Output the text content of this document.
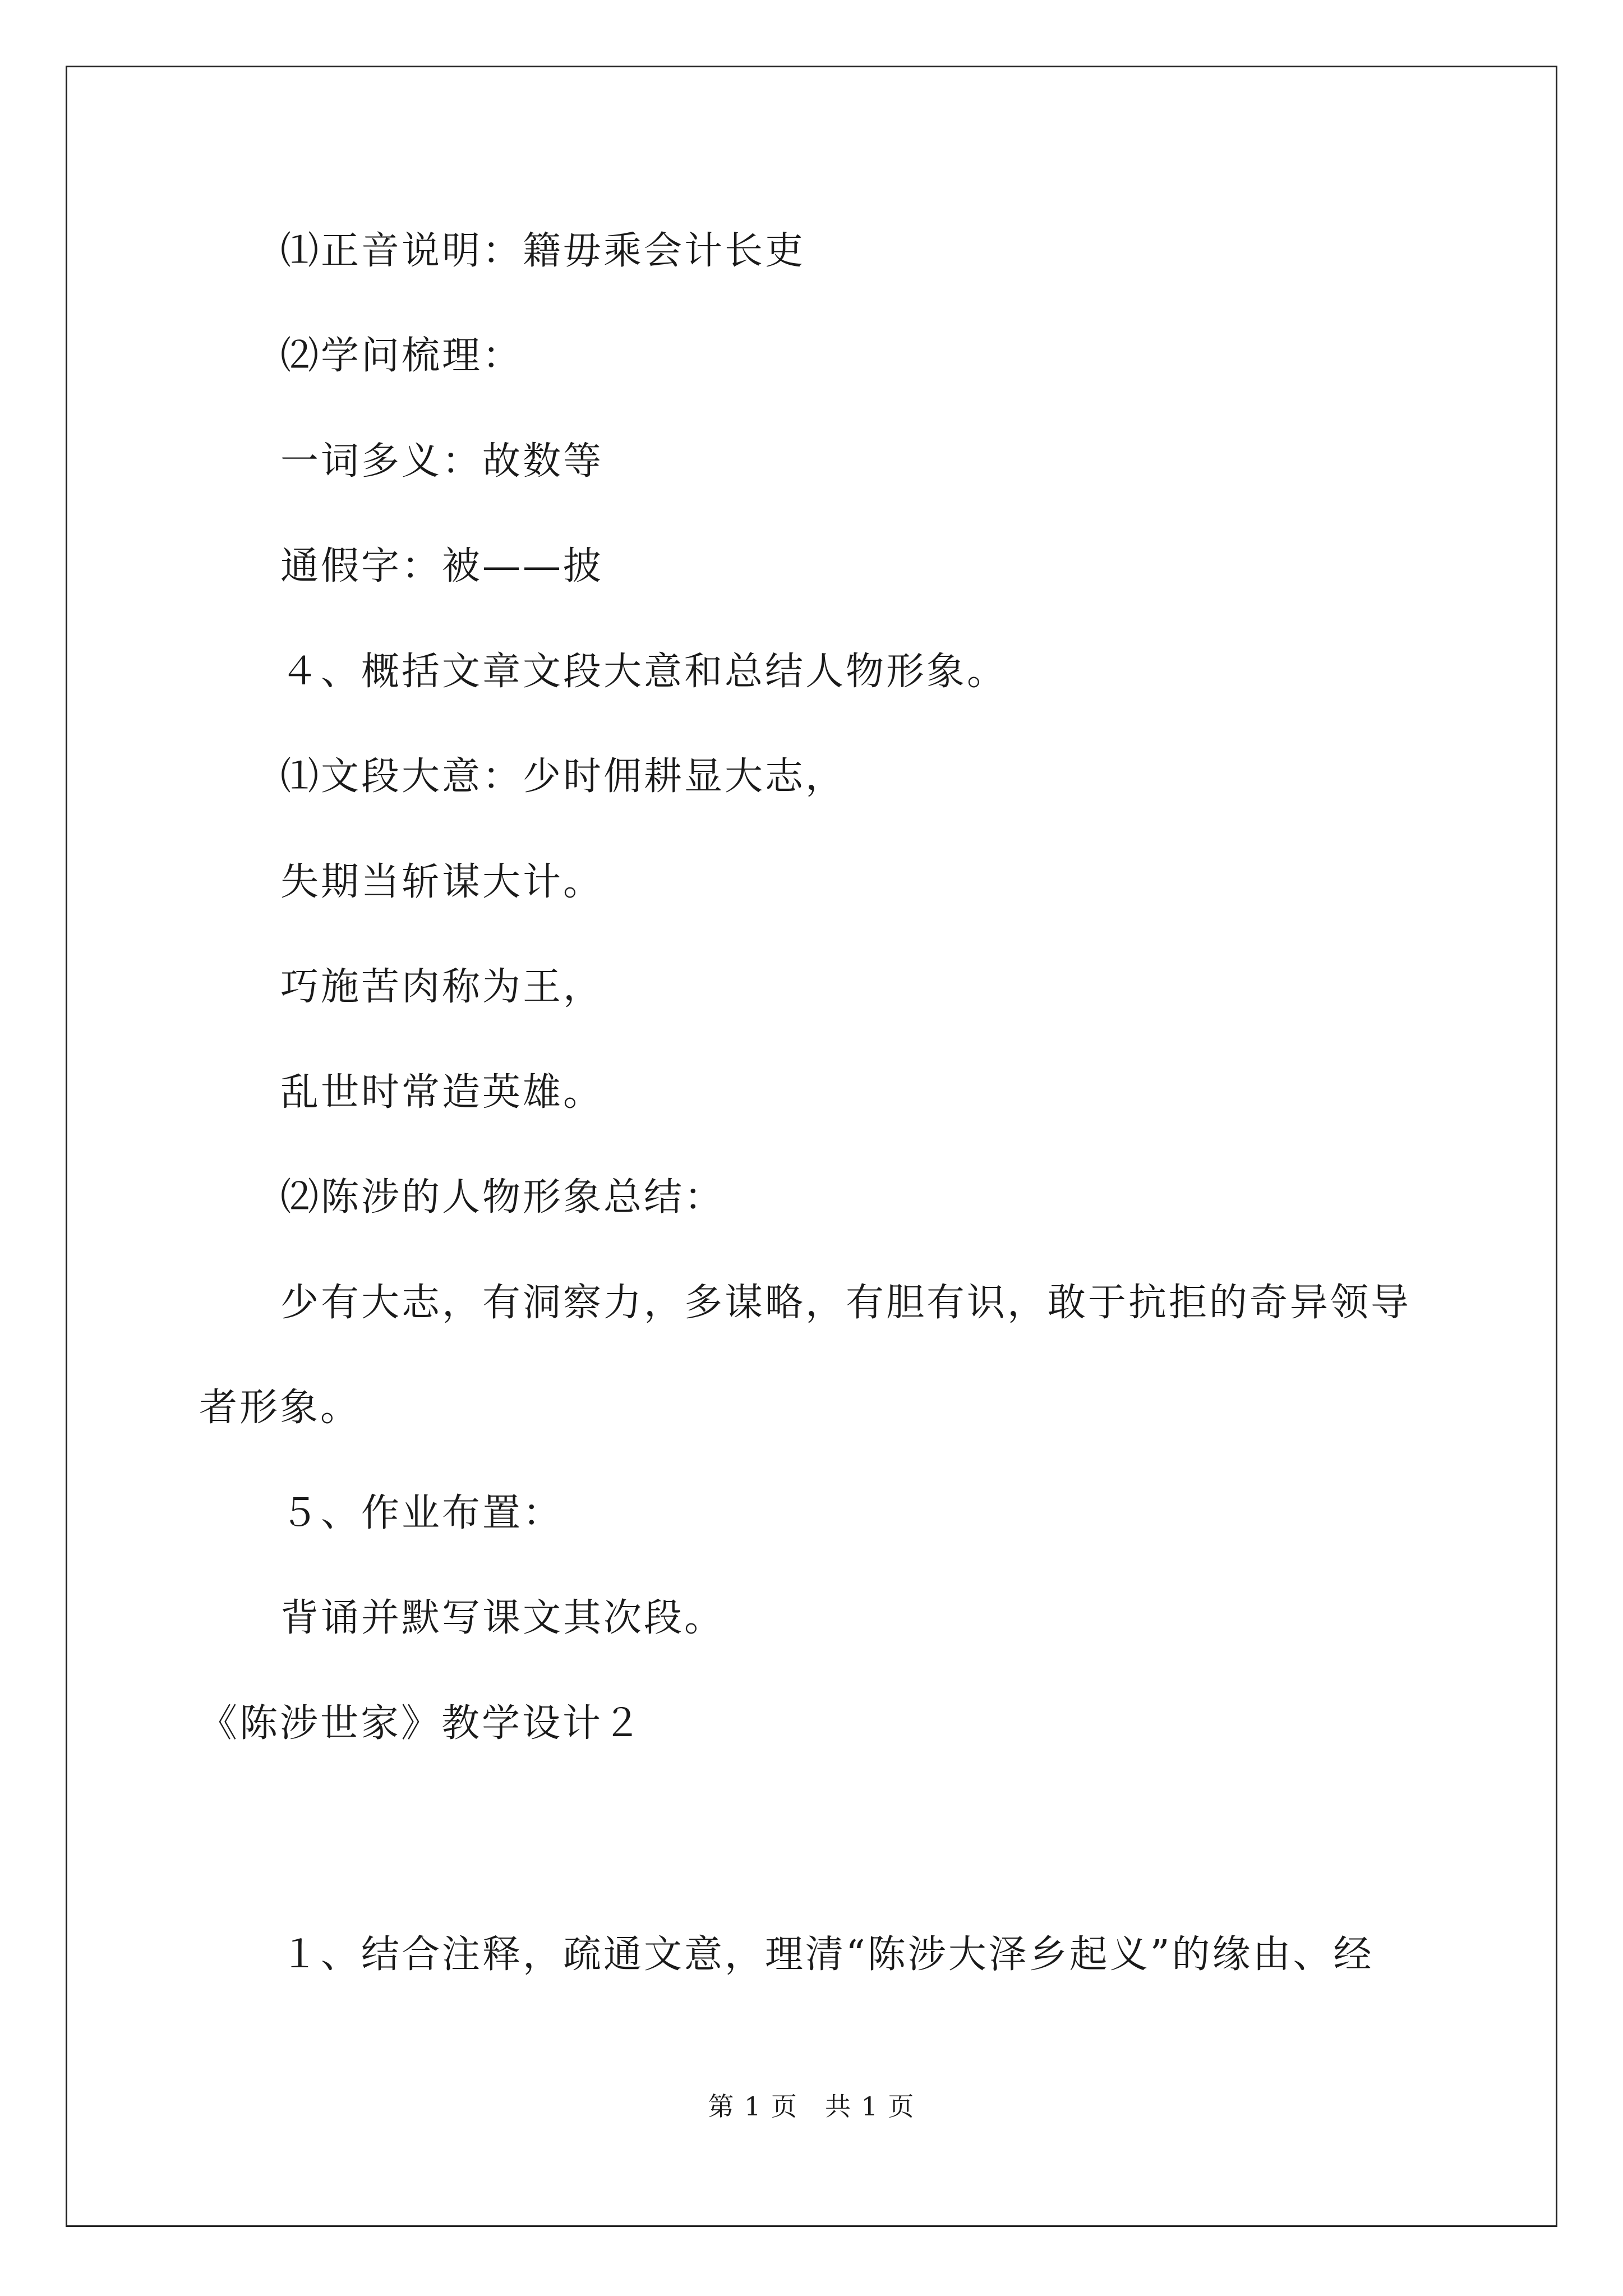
⑴正音说明：籍毋乘会计长吏
⑵学问梳理：
一词多义：故数等
通假字：被——披
４、概括文章文段大意和总结人物形象。
⑴文段大意：少时佣耕显大志，
失期当斩谋大计。
巧施苦肉称为王，
乱世时常造英雄。
⑵陈涉的人物形象总结：
少有大志，有洞察力，多谋略，有胆有识，敢于抗拒的奇异领导
者形象。
５、作业布置：
背诵并默写课文其次段。
《陈涉世家》教学设计２
１、结合注释，疏通文意，理清“陈涉大泽乡起义”的缘由、经
第 1 页　共 1 页
